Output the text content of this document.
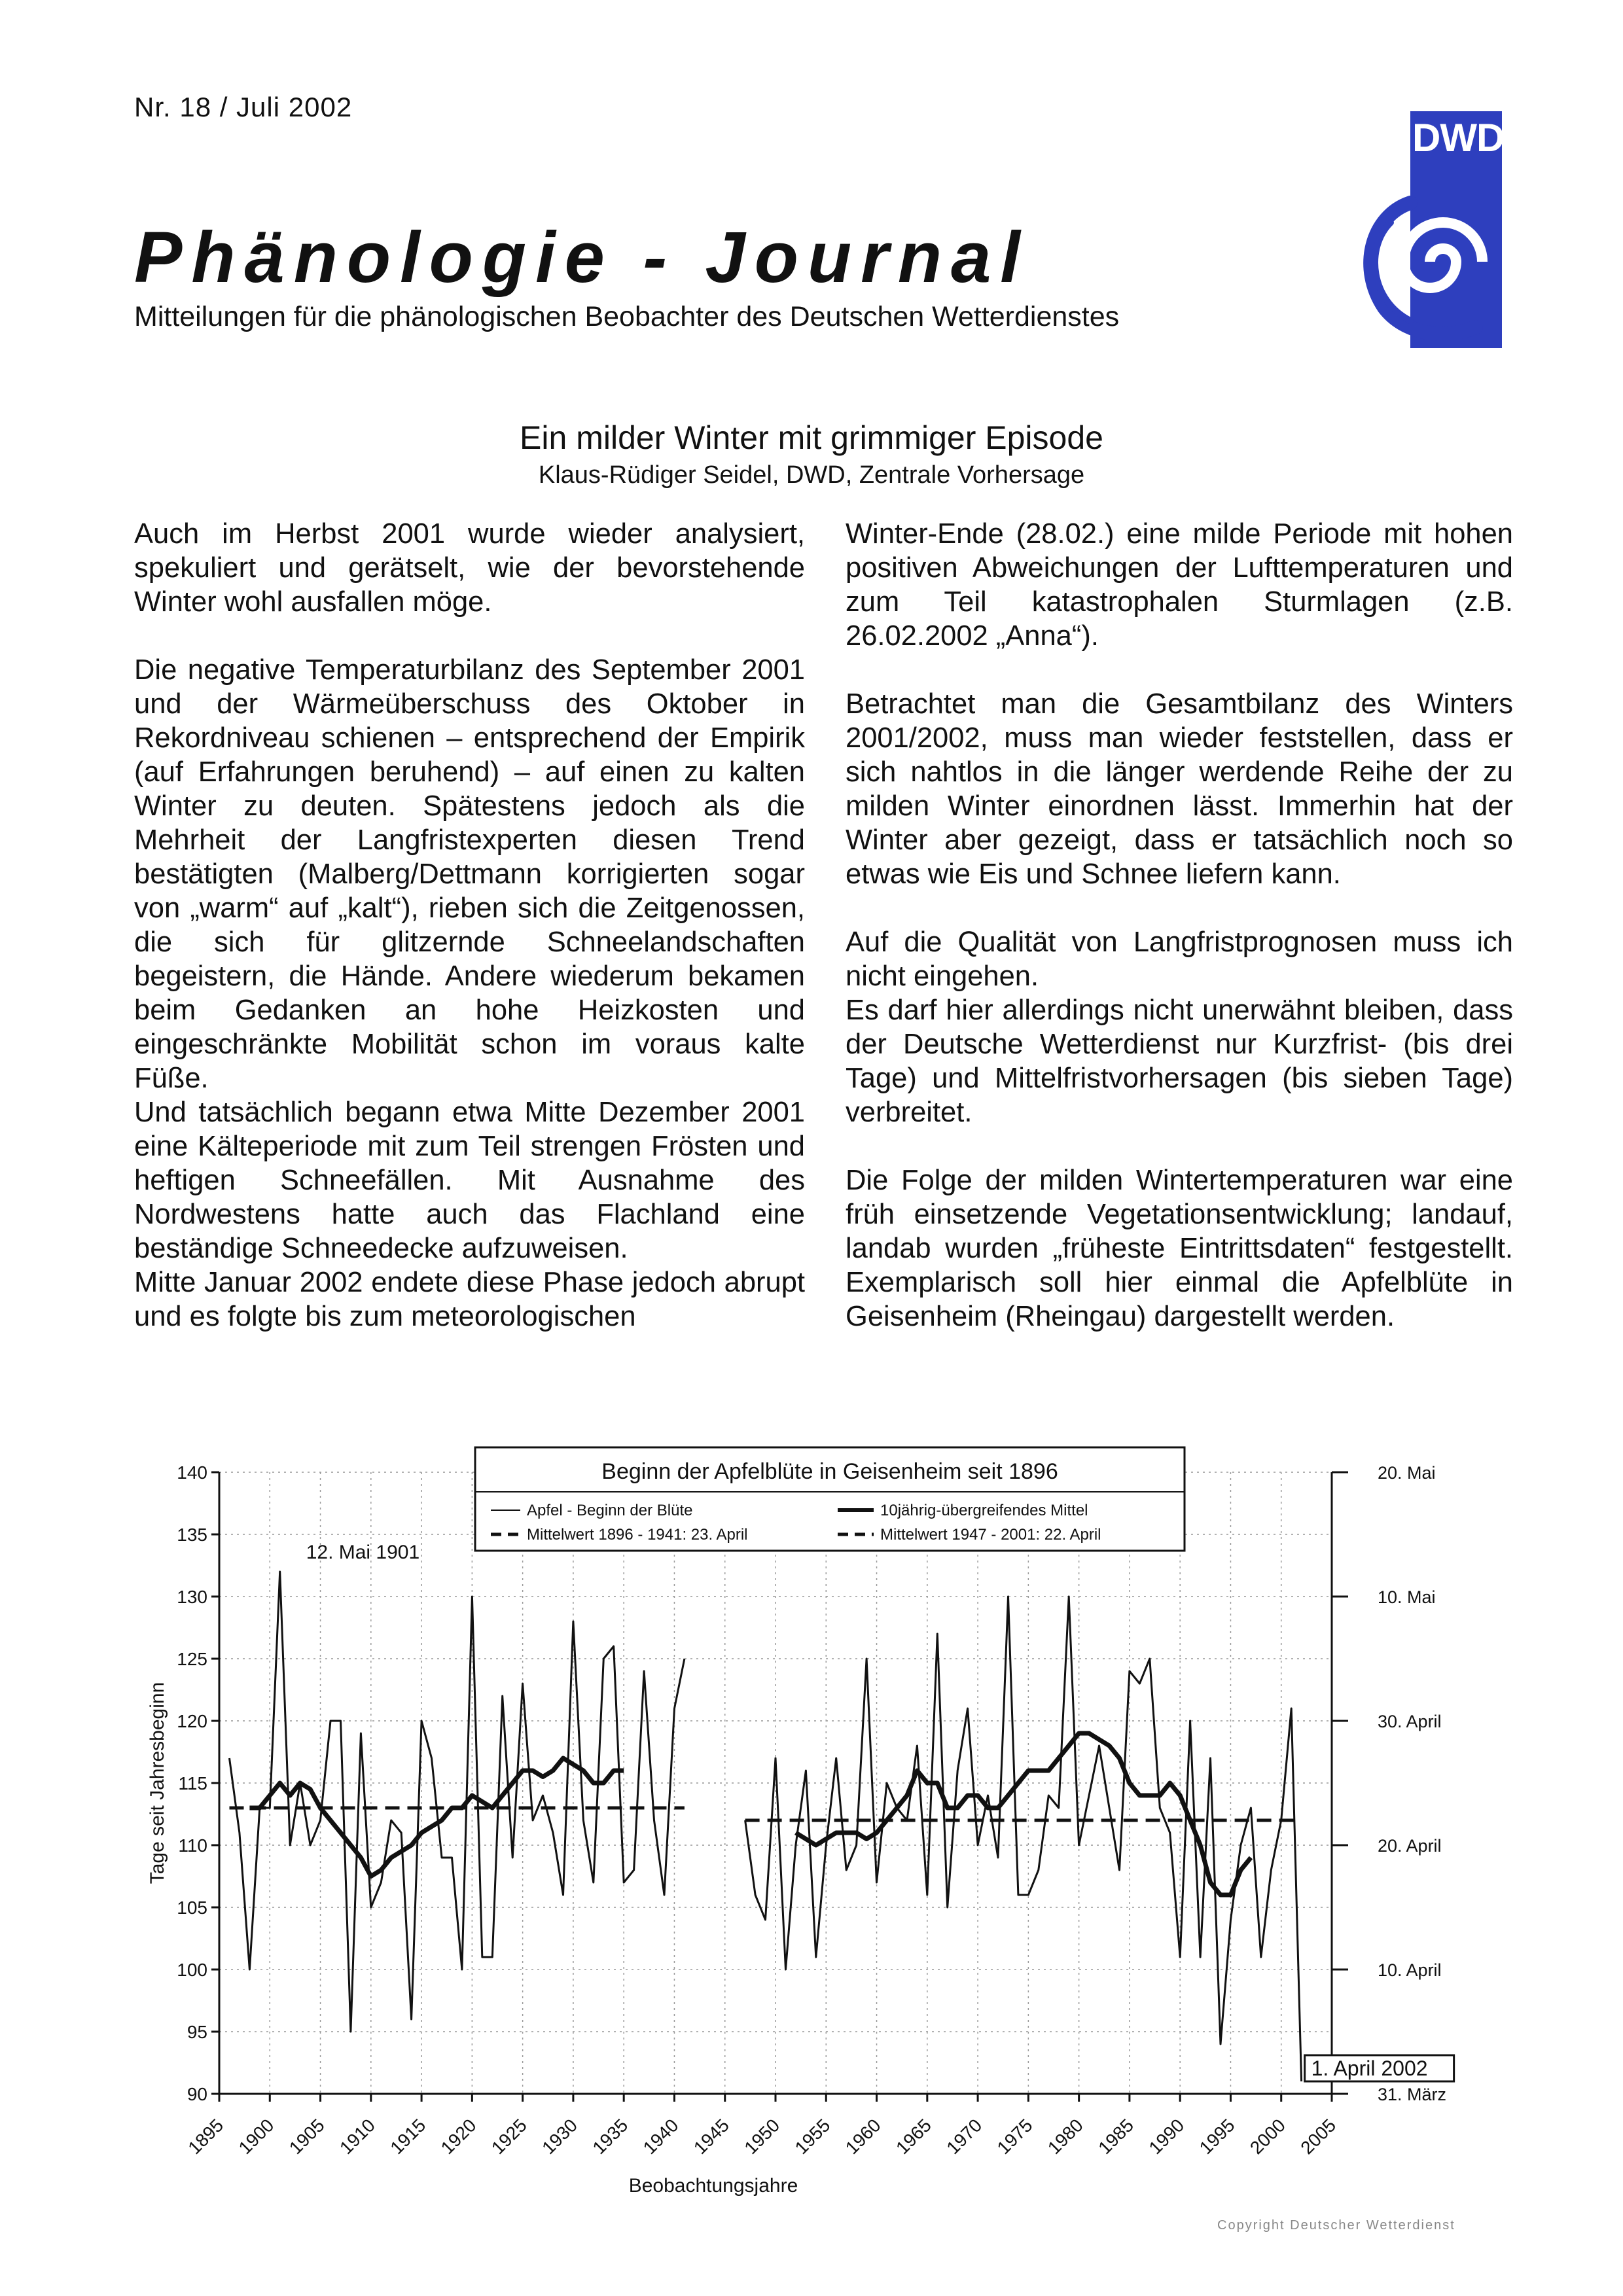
Nr. 18 / Juli 2002
DWD
Phänologie - Journal
Mitteilungen für die phänologischen Beobachter des Deutschen Wetterdienstes
Ein milder Winter mit grimmiger Episode
Klaus-Rüdiger Seidel, DWD, Zentrale Vorhersage

Auch im Herbst 2001 wurde wieder analysiert, spekuliert und gerätselt, wie der bevorstehende Winter wohl ausfallen möge.

Die negative Temperaturbilanz des September 2001 und der Wärmeüberschuss des Oktober in Rekordniveau schienen – entsprechend der Empirik (auf Erfahrungen beruhend) – auf einen zu kalten Winter zu deuten. Spätestens jedoch als die Mehrheit der Langfristexperten diesen Trend bestätigten (Malberg/Dettmann korrigierten sogar von „warm“ auf „kalt“), rieben sich die Zeitgenossen, die sich für glitzernde Schneelandschaften begeistern, die Hände. Andere wiederum bekamen beim Gedanken an hohe Heizkosten und eingeschränkte Mobilität schon im voraus kalte Füße.

Und tatsächlich begann etwa Mitte Dezember 2001 eine Kälteperiode mit zum Teil strengen Frösten und heftigen Schneefällen. Mit Ausnahme des Nordwestens hatte auch das Flachland eine beständige Schneedecke aufzuweisen.

Mitte Januar 2002 endete diese Phase jedoch abrupt und es folgte bis zum meteorologischen

Winter-Ende (28.02.) eine milde Periode mit hohen positiven Abweichungen der Lufttemperaturen und zum Teil katastrophalen Sturmlagen (z.B. 26.02.2002 „Anna“).

Betrachtet man die Gesamtbilanz des Winters 2001/2002, muss man wieder feststellen, dass er sich nahtlos in die länger werdende Reihe der zu milden Winter einordnen lässt. Immerhin hat der Winter aber gezeigt, dass er tatsächlich noch so etwas wie Eis und Schnee liefern kann.

Auf die Qualität von Langfristprognosen muss ich nicht eingehen.

Es darf hier allerdings nicht unerwähnt bleiben, dass der Deutsche Wetterdienst nur Kurzfrist- (bis drei Tage) und Mittelfristvorhersagen (bis sieben Tage) verbreitet.

Die Folge der milden Wintertemperaturen war eine früh einsetzende Vegetationsentwicklung; landauf, landab wurden „früheste Eintrittsdaten“ festgestellt. Exemplarisch soll hier einmal die Apfelblüte in Geisenheim (Rheingau) dargestellt werden.

90
95
100
105
110
115
120
125
130
135
140
1895 1900 1905 1910 1915 1920 1925 1930 1935 1940 1945 1950 1955 1960 1965 1970 1975 1980 1985 1990 1995 2000 2005
20. Mai
10. Mai
30. April
20. April
10. April
31. März
Tage seit Jahresbeginn
Beobachtungsjahre
12. Mai 1901
1. April 2002
Beginn der Apfelblüte in Geisenheim seit 1896
Apfel - Beginn der Blüte	10jährig-übergreifendes Mittel
Mittelwert 1896 - 1941: 23. April	Mittelwert 1947 - 2001: 22. April
Copyright Deutscher Wetterdienst
